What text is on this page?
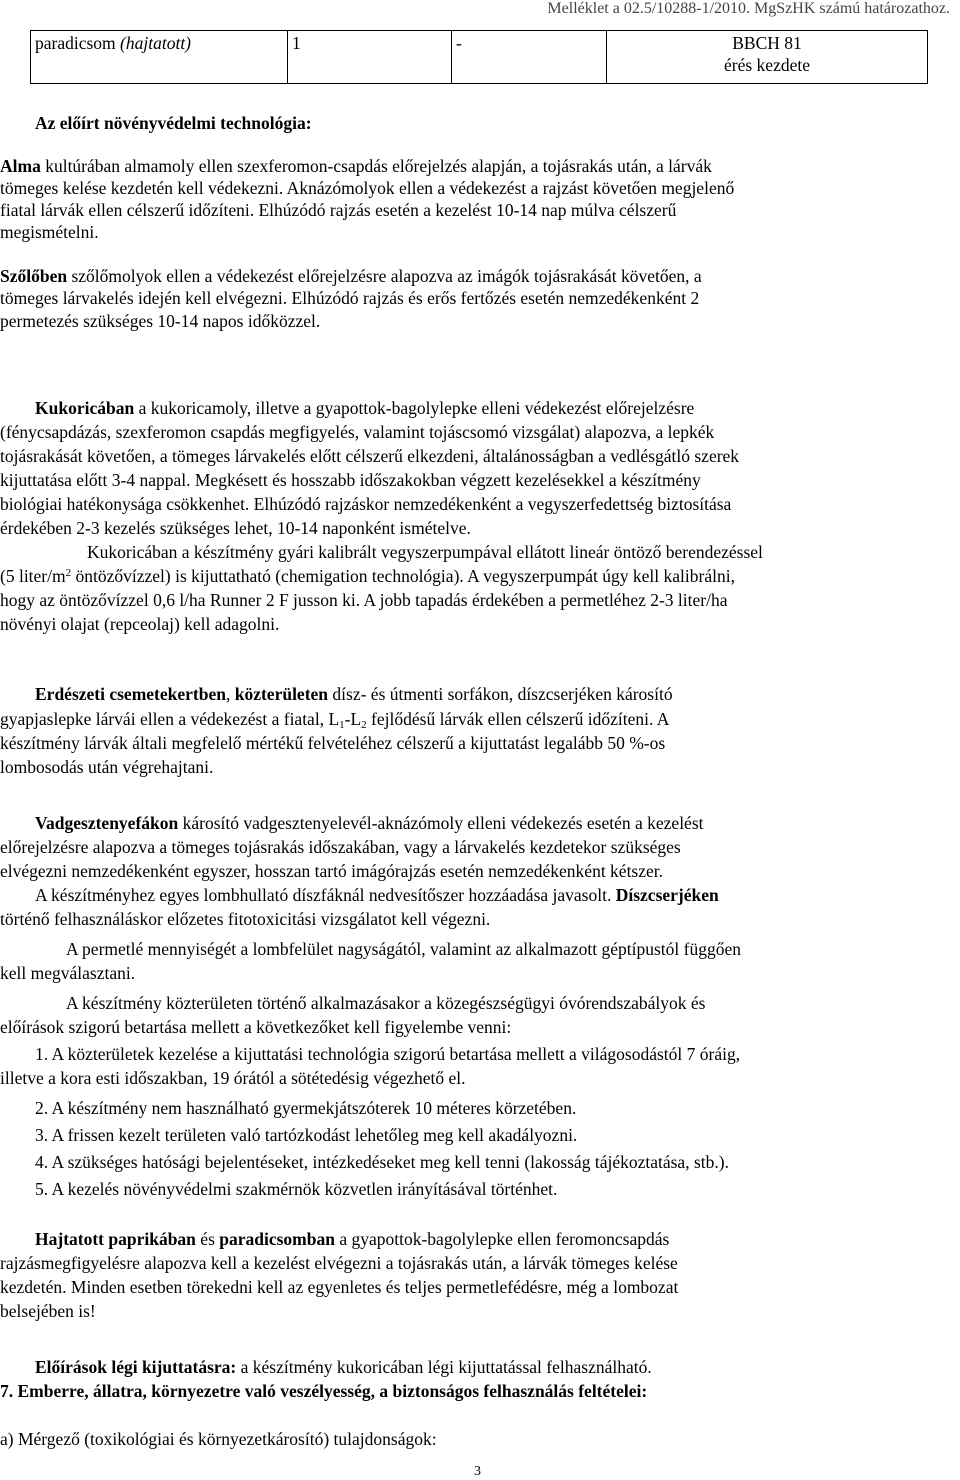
Melléklet a 02.5/10288-1/2010. MgSzHK számú határozathoz.
paradicsom (hajtatott)	1	-	BBCH 81
érés kezdete
Az előírt növényvédelmi technológia:
Alma kultúrában almamoly ellen szexferomon-csapdás előrejelzés alapján, a tojásrakás után, a lárvák
tömeges kelése kezdetén kell védekezni. Aknázómolyok ellen a védekezést a rajzást követően megjelenő
fiatal lárvák ellen célszerű időzíteni. Elhúzódó rajzás esetén a kezelést 10-14 nap múlva célszerű
megismételni.
Szőlőben szőlőmolyok ellen a védekezést előrejelzésre alapozva az imágók tojásrakását követően, a
tömeges lárvakelés idején kell elvégezni. Elhúzódó rajzás és erős fertőzés esetén nemzedékenként 2
permetezés szükséges 10-14 napos időközzel.
Kukoricában a kukoricamoly, illetve a gyapottok-bagolylepke elleni védekezést előrejelzésre
(fénycsapdázás, szexferomon csapdás megfigyelés, valamint tojáscsomó vizsgálat) alapozva, a lepkék
tojásrakását követően, a tömeges lárvakelés előtt célszerű elkezdeni, általánosságban a vedlésgátló szerek
kijuttatása előtt 3-4 nappal. Megkésett és hosszabb időszakokban végzett kezelésekkel a készítmény
biológiai hatékonysága csökkenhet. Elhúzódó rajzáskor nemzedékenként a vegyszerfedettség biztosítása
érdekében 2-3 kezelés szükséges lehet, 10-14 naponként ismételve.
Kukoricában a készítmény gyári kalibrált vegyszerpumpával ellátott lineár öntöző berendezéssel
(5 liter/$m^2$ öntözővízzel) is kijuttatható (chemigation technológia). A vegyszerpumpát úgy kell kalibrálni,
hogy az öntözővízzel 0,6 l/ha Runner 2 F jusson ki. A jobb tapadás érdekében a permetléhez 2-3 liter/ha
növényi olajat (repceolaj) kell adagolni.
Erdészeti csemetekertben, közterületen dísz- és útmenti sorfákon, díszcserjéken károsító
gyapjaslepke lárvái ellen a védekezést a fiatal, $L_1-L_2$ fejlődésű lárvák ellen célszerű időzíteni. A
készítmény lárvák általi megfelelő mértékű felvételéhez célszerű a kijuttatást legalább 50 %-os
lombosodás után végrehajtani.
Vadgesztenyefákon károsító vadgesztenyelevél-aknázómoly elleni védekezés esetén a kezelést
előrejelzésre alapozva a tömeges tojásrakás időszakában, vagy a lárvakelés kezdetekor szükséges
elvégezni nemzedékenként egyszer, hosszan tartó imágórajzás esetén nemzedékenként kétszer.
A készítményhez egyes lombhullató díszfáknál nedvesítőszer hozzáadása javasolt. Díszcserjéken
történő felhasználáskor előzetes fitotoxicitási vizsgálatot kell végezni.
A permetlé mennyiségét a lombfelület nagyságától, valamint az alkalmazott géptípustól függően
kell megválasztani.
A készítmény közterületen történő alkalmazásakor a közegészségügyi óvórendszabályok és
előírások szigorú betartása mellett a következőket kell figyelembe venni:
1. A közterületek kezelése a kijuttatási technológia szigorú betartása mellett a világosodástól 7 óráig,
illetve a kora esti időszakban, 19 órától a sötétedésig végezhető el.
2. A készítmény nem használható gyermekjátszóterek 10 méteres körzetében.
3. A frissen kezelt területen való tartózkodást lehetőleg meg kell akadályozni.
4. A szükséges hatósági bejelentéseket, intézkedéseket meg kell tenni (lakosság tájékoztatása, stb.).
5. A kezelés növényvédelmi szakmérnök közvetlen irányításával történhet.
Hajtatott paprikában és paradicsomban a gyapottok-bagolylepke ellen feromoncsapdás
rajzásmegfigyelésre alapozva kell a kezelést elvégezni a tojásrakás után, a lárvák tömeges kelése
kezdetén. Minden esetben törekedni kell az egyenletes és teljes permetlefédésre, még a lombozat
belsejében is!
Előírások légi kijuttatásra: a készítmény kukoricában légi kijuttatással felhasználható.
7. Emberre, állatra, környezetre való veszélyesség, a biztonságos felhasználás feltételei:
a) Mérgező (toxikológiai és környezetkárosító) tulajdonságok:
3
